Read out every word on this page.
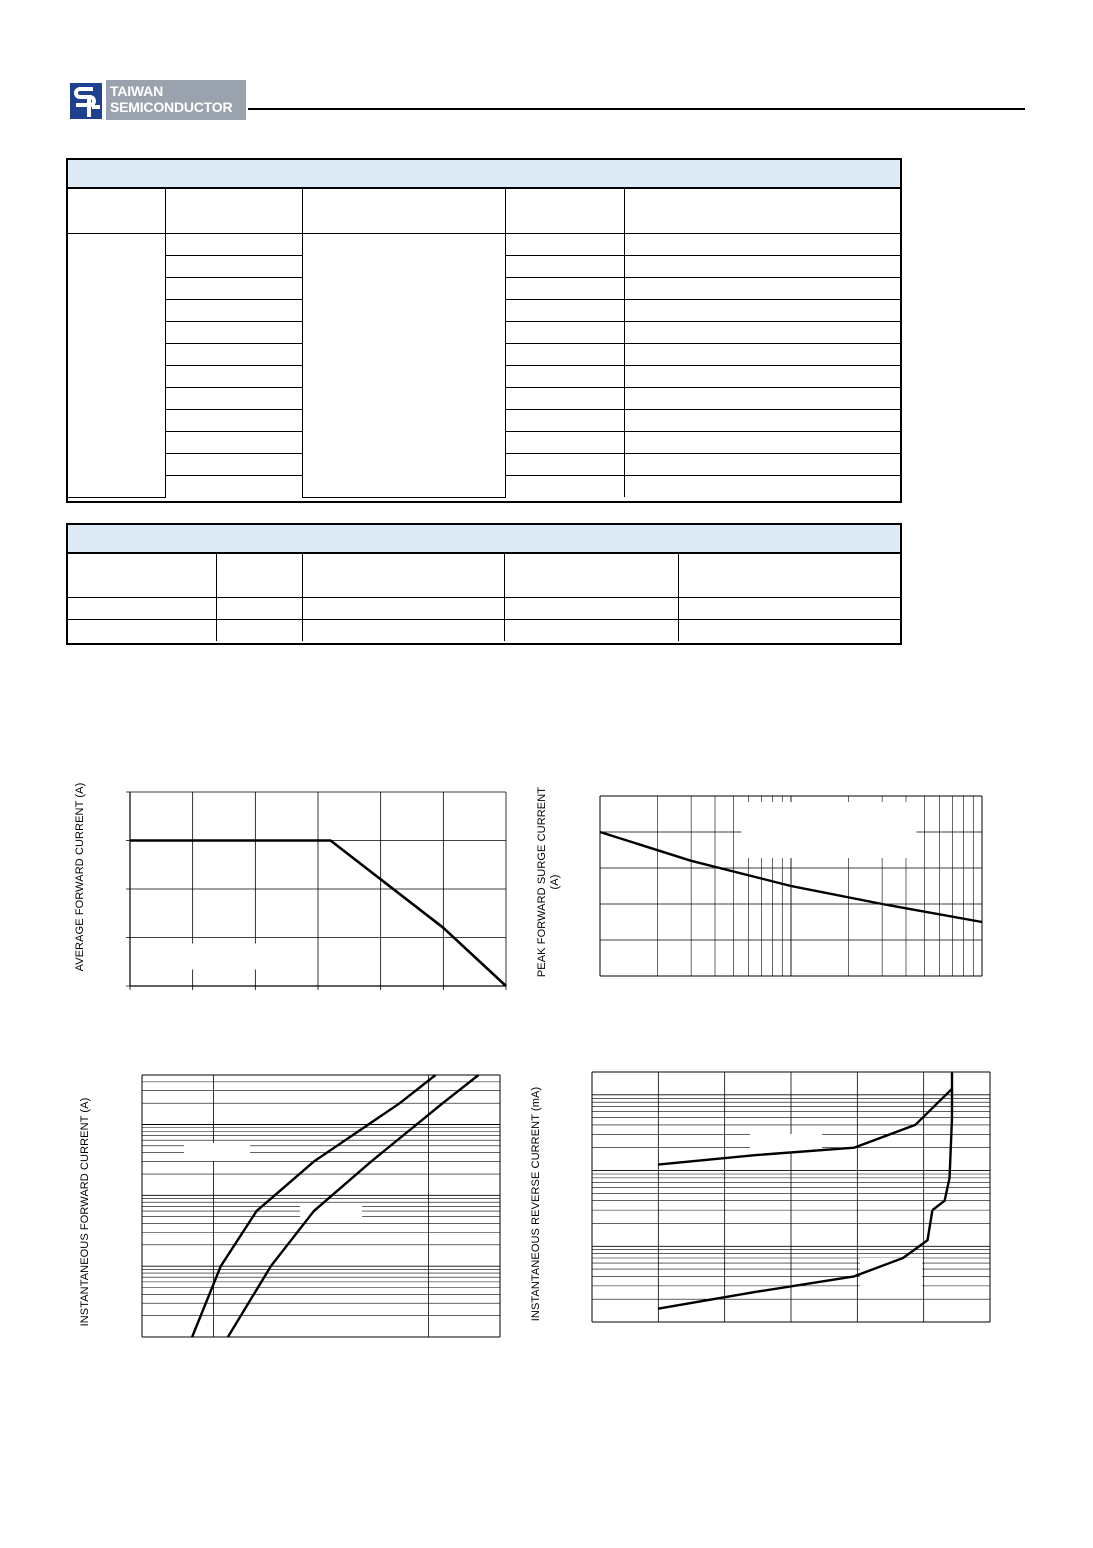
TAIWAN
SEMICONDUCTOR

AVERAGE FORWARD CURRENT (A)	PEAK FORWARD SURGE CURRENT (A)
INSTANTANEOUS FORWARD CURRENT (A)	INSTANTANEOUS REVERSE CURRENT (mA)
